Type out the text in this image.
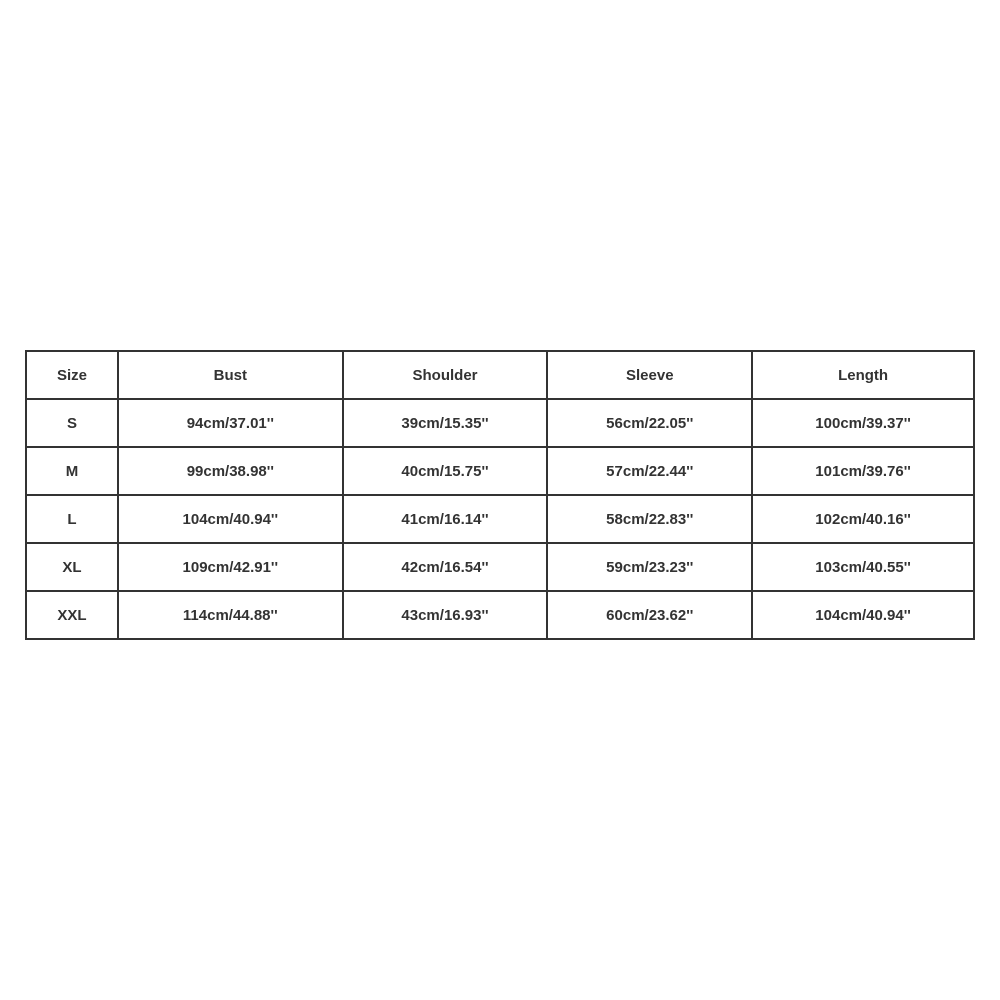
Size	Bust	Shoulder	Sleeve	Length
S	94cm/37.01''	39cm/15.35''	56cm/22.05''	100cm/39.37''
M	99cm/38.98''	40cm/15.75''	57cm/22.44''	101cm/39.76''
L	104cm/40.94''	41cm/16.14''	58cm/22.83''	102cm/40.16''
XL	109cm/42.91''	42cm/16.54''	59cm/23.23''	103cm/40.55''
XXL	114cm/44.88''	43cm/16.93''	60cm/23.62''	104cm/40.94''
